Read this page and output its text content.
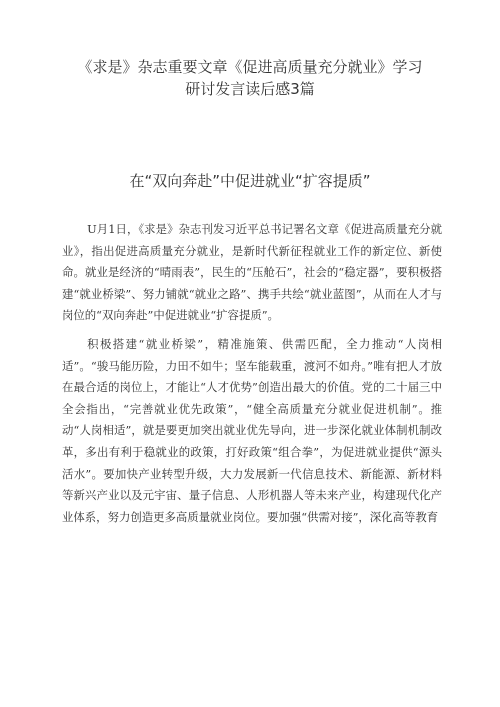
《求是》杂志重要文章《促进高质量充分就业》学习
研讨发言读后感3篇
在“双向奔赴”中促进就业“扩容提质”

U月1日，《求是》杂志刊发习近平总书记署名文章《促进高质量充分就业》，指出促进高质量充分就业，是新时代新征程就业工作的新定位、新使命。就业是经济的“晴雨表”，民生的“压舱石”，社会的“稳定器”，要积极搭建“就业桥梁”、努力铺就“就业之路”、携手共绘“就业蓝图”，从而在人才与岗位的“双向奔赴”中促进就业“扩容提质”。

积极搭建“就业桥梁”，精准施策、供需匹配，全力推动“人岗相适”。“骏马能历险，力田不如牛；坚车能载重，渡河不如舟。”唯有把人才放在最合适的岗位上，才能让“人才优势”创造出最大的价值。党的二十届三中全会指出，“完善就业优先政策”，“健全高质量充分就业促进机制”。推动“人岗相适”，就是要更加突出就业优先导向，进一步深化就业体制机制改革，多出有利于稳就业的政策，打好政策“组合拳”，为促进就业提供“源头活水”。要加快产业转型升级，大力发展新一代信息技术、新能源、新材料等新兴产业以及元宇宙、量子信息、人形机器人等未来产业，构建现代化产业体系，努力创造更多高质量就业岗位。要加强“供需对接”，深化高等教育
